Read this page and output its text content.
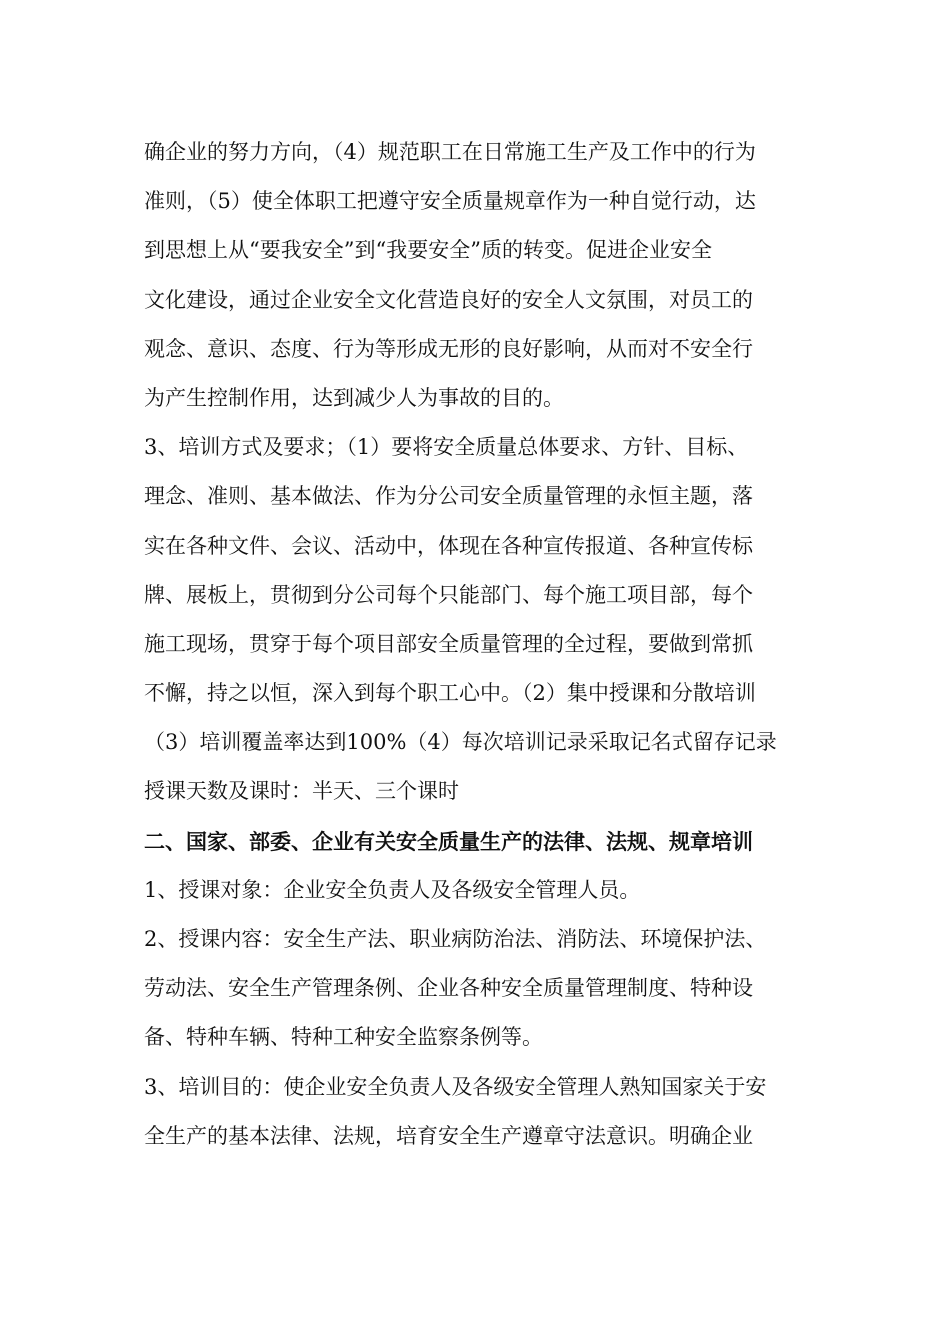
确企业的努力方向，（4）规范职工在日常施工生产及工作中的行为
准则，（5）使全体职工把遵守安全质量规章作为一种自觉行动，达
到思想上从“要我安全”到“我要安全”质的转变。促进企业安全
文化建设，通过企业安全文化营造良好的安全人文氛围，对员工的
观念、意识、态度、行为等形成无形的良好影响，从而对不安全行
为产生控制作用，达到减少人为事故的目的。
3、培训方式及要求；（1）要将安全质量总体要求、方针、目标、
理念、准则、基本做法、作为分公司安全质量管理的永恒主题，落
实在各种文件、会议、活动中，体现在各种宣传报道、各种宣传标
牌、展板上，贯彻到分公司每个只能部门、每个施工项目部，每个
施工现场，贯穿于每个项目部安全质量管理的全过程，要做到常抓
不懈，持之以恒，深入到每个职工心中。（2）集中授课和分散培训
（3）培训覆盖率达到100%（4）每次培训记录采取记名式留存记录
授课天数及课时：半天、三个课时
二、国家、部委、企业有关安全质量生产的法律、法规、规章培训
1、授课对象：企业安全负责人及各级安全管理人员。
2、授课内容：安全生产法、职业病防治法、消防法、环境保护法、
劳动法、安全生产管理条例、企业各种安全质量管理制度、特种设
备、特种车辆、特种工种安全监察条例等。
3、培训目的：使企业安全负责人及各级安全管理人熟知国家关于安
全生产的基本法律、法规，培育安全生产遵章守法意识。明确企业
